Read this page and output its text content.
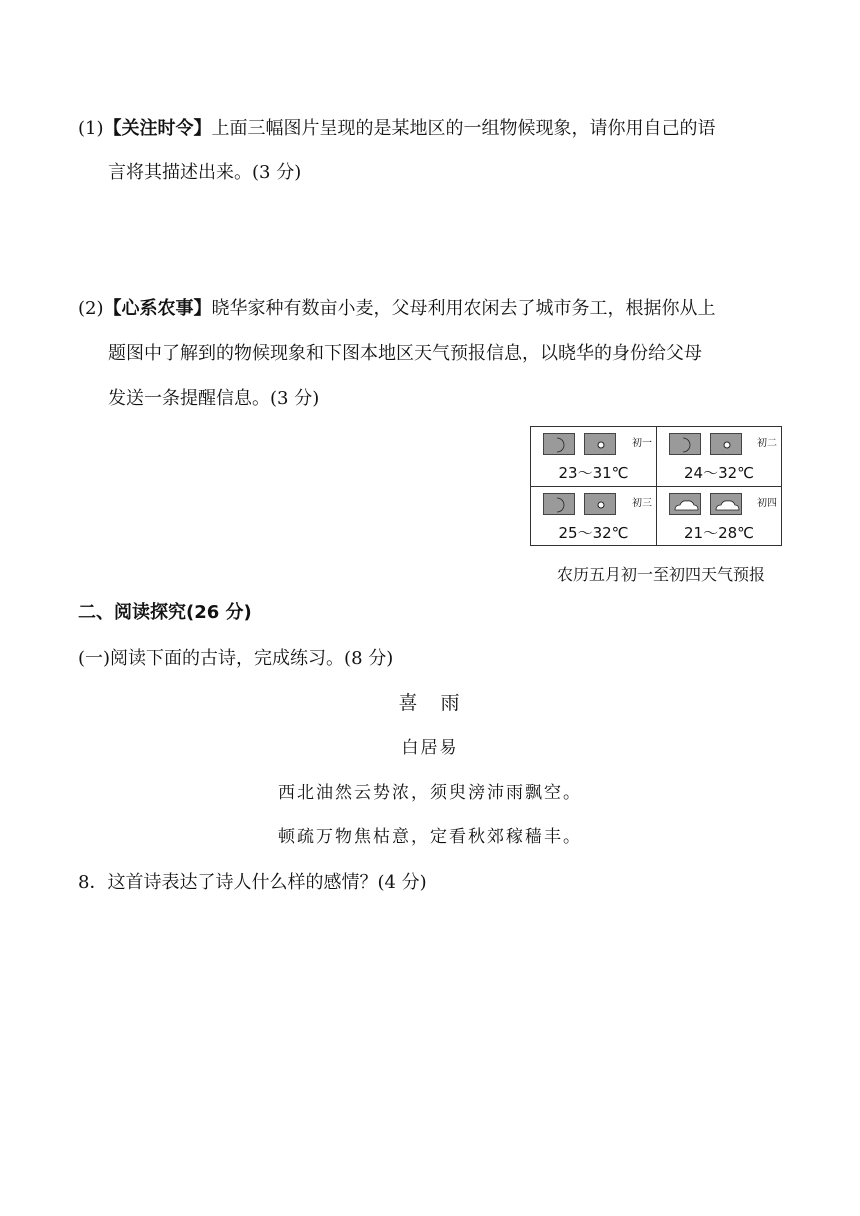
(1)【关注时令】上面三幅图片呈现的是某地区的一组物候现象，请你用自己的语
言将其描述出来。(3 分)
(2)【心系农事】晓华家种有数亩小麦，父母利用农闲去了城市务工，根据你从上
题图中了解到的物候现象和下图本地区天气预报信息，以晓华的身份给父母
发送一条提醒信息。(3 分)
初一
23～31℃
初二
24～32℃
初三
25～32℃
初四
21～28℃
农历五月初一至初四天气预报
二、阅读探究(26 分)
(一)阅读下面的古诗，完成练习。(8 分)
喜　雨
白居易
西北油然云势浓，须臾滂沛雨飘空。
顿疏万物焦枯意，定看秋郊稼穑丰。
8．这首诗表达了诗人什么样的感情？(4 分)
